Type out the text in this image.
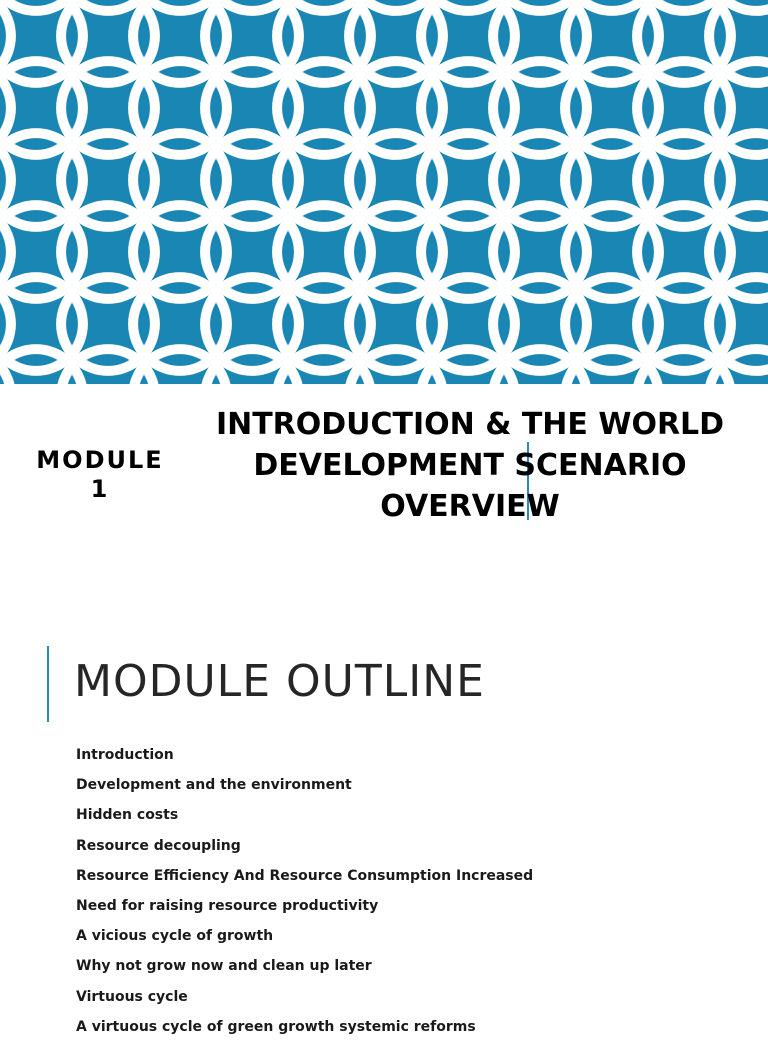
MODULE
1
INTRODUCTION & THE WORLD
DEVELOPMENT SCENARIO
OVERVIEW
MODULE OUTLINE
Introduction
Development and the environment
Hidden costs
Resource decoupling
Resource Efficiency And Resource Consumption Increased
Need for raising resource productivity
A vicious cycle of growth
Why not grow now and clean up later
Virtuous cycle
A virtuous cycle of green growth systemic reforms
